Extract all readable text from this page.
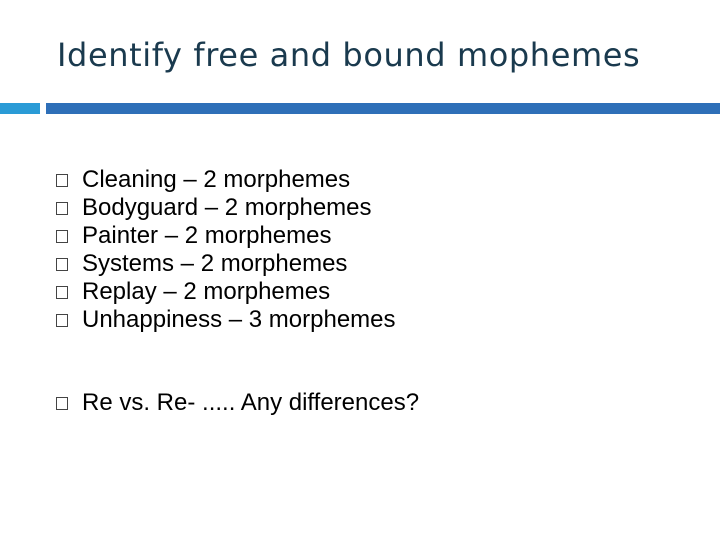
Identify free and bound mophemes
Cleaning – 2 morphemes
Bodyguard – 2 morphemes
Painter – 2 morphemes
Systems – 2 morphemes
Replay – 2 morphemes
Unhappiness – 3 morphemes
Re vs. Re- ..... Any differences?
